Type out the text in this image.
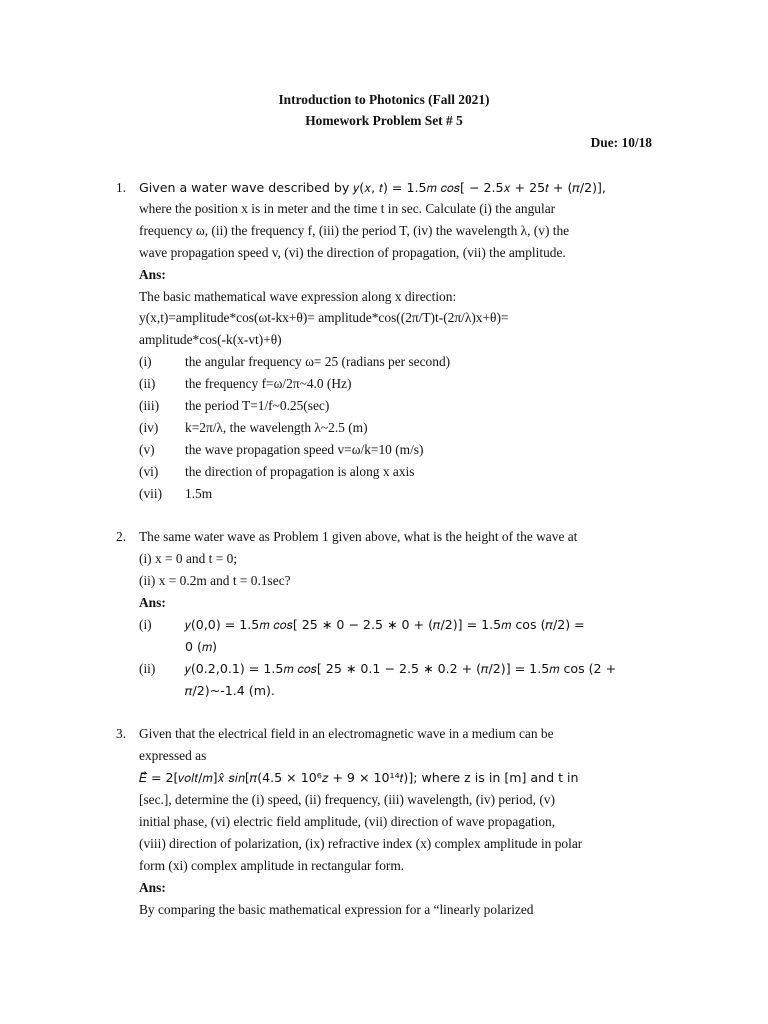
Introduction to Photonics (Fall 2021)
Homework Problem Set # 5
Due: 10/18
1. Given a water wave described by 𝑦(𝑥, 𝑡) = 1.5𝑚 𝑐𝑜𝑠[ − 2.5𝑥 + 25𝑡 + (𝜋/2)],
where the position x is in meter and the time t in sec. Calculate (i) the angular
frequency ω, (ii) the frequency f, (iii) the period T, (iv) the wavelength λ, (v) the
wave propagation speed v, (vi) the direction of propagation, (vii) the amplitude.
Ans:
The basic mathematical wave expression along x direction:
y(x,t)=amplitude*cos(ωt-kx+θ)= amplitude*cos((2π/T)t-(2π/λ)x+θ)=
amplitude*cos(-k(x-vt)+θ)
(i) the angular frequency ω= 25 (radians per second)
(ii) the frequency f=ω/2π~4.0 (Hz)
(iii) the period T=1/f~0.25(sec)
(iv) k=2π/λ, the wavelength λ~2.5 (m)
(v) the wave propagation speed v=ω/k=10 (m/s)
(vi) the direction of propagation is along x axis
(vii) 1.5m
2. The same water wave as Problem 1 given above, what is the height of the wave at
(i) x = 0 and t = 0;
(ii) x = 0.2m and t = 0.1sec?
Ans:
(i)	𝑦(0,0) = 1.5𝑚 𝑐𝑜𝑠[ 25 ∗ 0 − 2.5 ∗ 0 + (𝜋/2)] = 1.5𝑚 cos (𝜋/2) =
0 (𝑚)
(ii) 𝑦(0.2,0.1) = 1.5𝑚 𝑐𝑜𝑠[ 25 ∗ 0.1 − 2.5 ∗ 0.2 + (𝜋/2)] = 1.5𝑚 cos (2 +
𝜋/2)~-1.4 (m).
3. Given that the electrical field in an electromagnetic wave in a medium can be
expressed as
𝐸⃗ = 2[𝑣𝑜𝑙𝑡/𝑚]𝑥̂ 𝑠𝑖𝑛[𝜋(4.5 × 10⁶𝑧 + 9 × 10¹⁴𝑡)]; where z is in [m] and t in
[sec.], determine the (i) speed, (ii) frequency, (iii) wavelength, (iv) period, (v)
initial phase, (vi) electric field amplitude, (vii) direction of wave propagation,
(viii) direction of polarization, (ix) refractive index (x) complex amplitude in polar
form (xi) complex amplitude in rectangular form.
Ans:
By comparing the basic mathematical expression for a “linearly polarized
